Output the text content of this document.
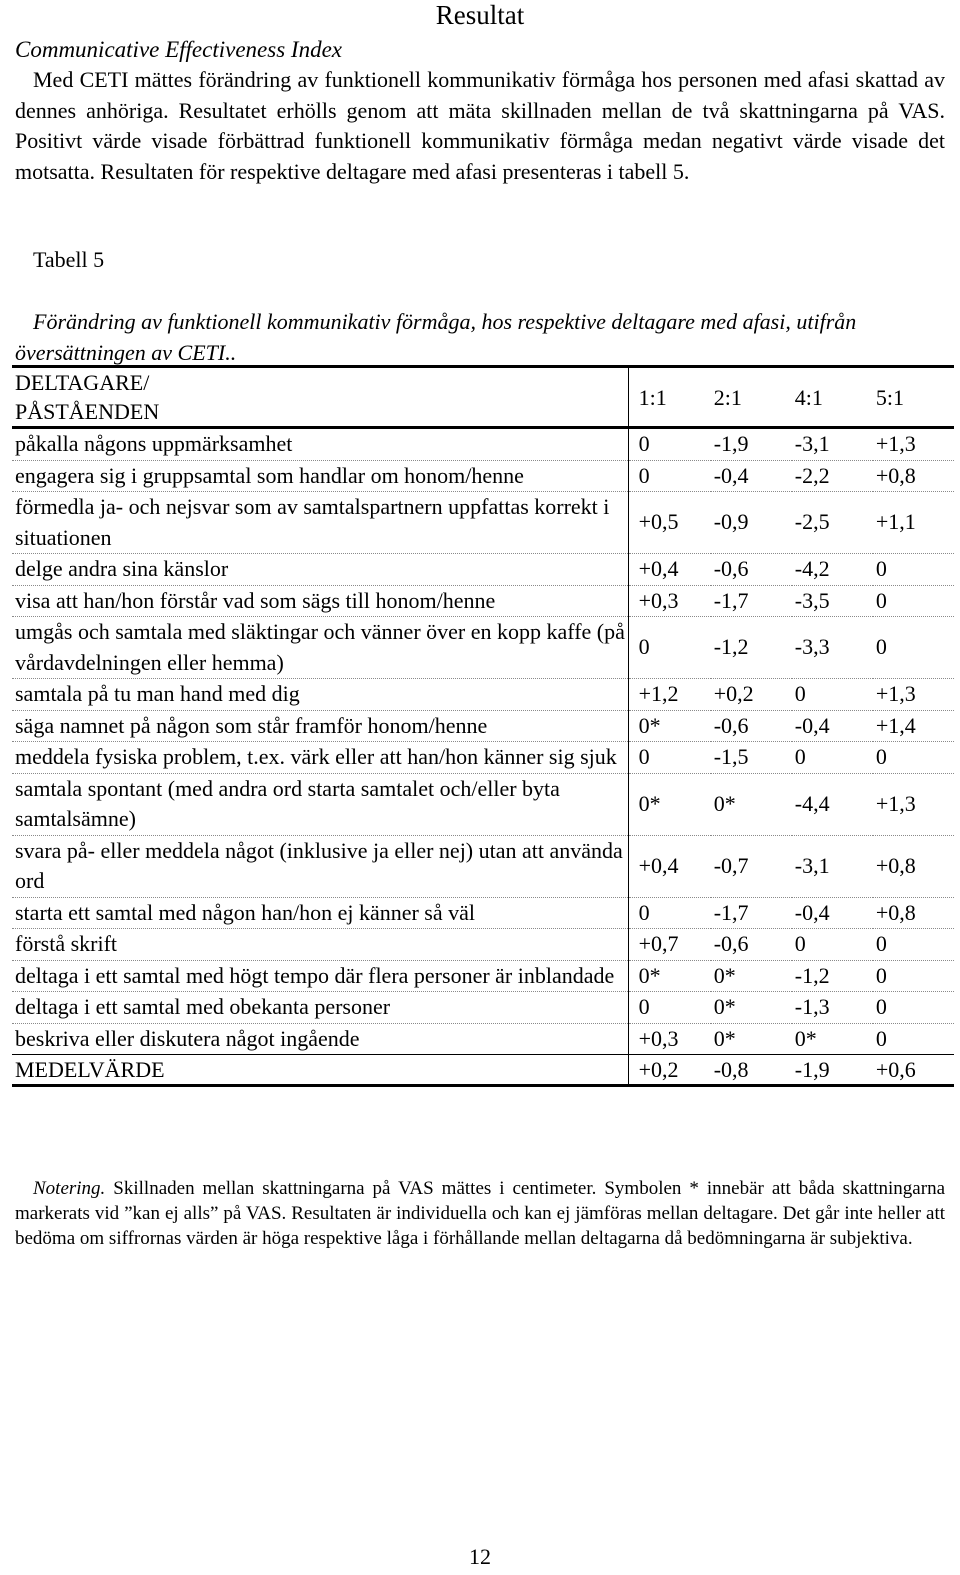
Resultat
Communicative Effectiveness Index

Med CETI mättes förändring av funktionell kommunikativ förmåga hos personen med afasi skattad av dennes anhöriga. Resultatet erhölls genom att mäta skillnaden mellan de två skattningarna på VAS. Positivt värde visade förbättrad funktionell kommunikativ förmåga medan negativt värde visade det motsatta. Resultaten för respektive deltagare med afasi presenteras i tabell 5.

Tabell 5

Förändring av funktionell kommunikativ förmåga, hos respektive deltagare med afasi, utifrån översättningen av CETI..

DELTAGARE/
PÅSTÅENDEN	1:1	2:1	4:1	5:1
påkalla någons uppmärksamhet	0	-1,9	-3,1	+1,3
engagera sig i gruppsamtal som handlar om honom/henne	0	-0,4	-2,2	+0,8
förmedla ja- och nejsvar som av samtalspartnern uppfattas korrekt i situationen	+0,5	-0,9	-2,5	+1,1
delge andra sina känslor	+0,4	-0,6	-4,2	0
visa att han/hon förstår vad som sägs till honom/henne	+0,3	-1,7	-3,5	0
umgås och samtala med släktingar och vänner över en kopp kaffe (på vårdavdelningen eller hemma)	0	-1,2	-3,3	0
samtala på tu man hand med dig	+1,2	+0,2	0	+1,3
säga namnet på någon som står framför honom/henne	0*	-0,6	-0,4	+1,4
meddela fysiska problem, t.ex. värk eller att han/hon känner sig sjuk	0	-1,5	0	0
samtala spontant (med andra ord starta samtalet och/eller byta samtalsämne)	0*	0*	-4,4	+1,3
svara på- eller meddela något (inklusive ja eller nej) utan att använda ord	+0,4	-0,7	-3,1	+0,8
starta ett samtal med någon han/hon ej känner så väl	0	-1,7	-0,4	+0,8
förstå skrift	+0,7	-0,6	0	0
deltaga i ett samtal med högt tempo där flera personer är inblandade	0*	0*	-1,2	0
deltaga i ett samtal med obekanta personer	0	0*	-1,3	0
beskriva eller diskutera något ingående	+0,3	0*	0*	0
MEDELVÄRDE	+0,2	-0,8	-1,9	+0,6

Notering. Skillnaden mellan skattningarna på VAS mättes i centimeter. Symbolen * innebär att båda skattningarna markerats vid ”kan ej alls” på VAS. Resultaten är individuella och kan ej jämföras mellan deltagare. Det går inte heller att bedöma om siffrornas värden är höga respektive låga i förhållande mellan deltagarna då bedömningarna är subjektiva.

12
